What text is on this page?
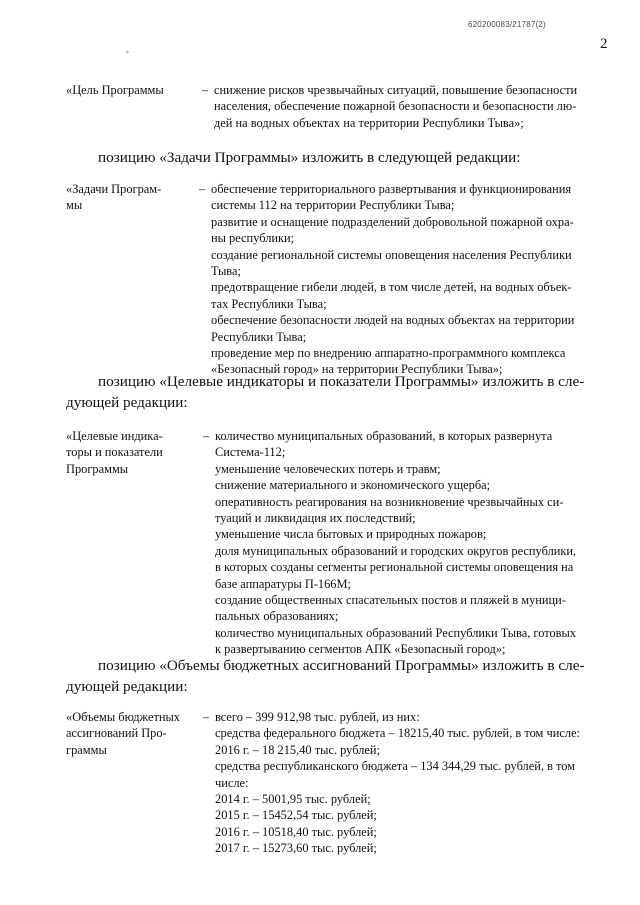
620200083/21787(2)
*
2
«Цель Программы	– снижение рисков чрезвычайных ситуаций, повышение безопасности
населения, обеспечение пожарной безопасности и безопасности лю-
дей на водных объектах на территории Республики Тыва»;
позицию «Задачи Программы» изложить в следующей редакции:
«Задачи Програм-
мы
– обеспечение территориального развертывания и функционирования
системы 112 на территории Республики Тыва;
развитие и оснащение подразделений добровольной пожарной охра-
ны республики;
создание региональной системы оповещения населения Республики
Тыва;
предотвращение гибели людей, в том числе детей, на водных объек-
тах Республики Тыва;
обеспечение безопасности людей на водных объектах на территории
Республики Тыва;
проведение мер по внедрению аппаратно-программного комплекса
«Безопасный город» на территории Республики Тыва»;
позицию «Целевые индикаторы и показатели Программы» изложить в сле-
дующей редакции:
«Целевые индика-
торы и показатели
Программы
– количество муниципальных образований, в которых развернута
Система-112;
уменьшение человеческих потерь и травм;
снижение материального и экономического ущерба;
оперативность реагирования на возникновение чрезвычайных си-
туаций и ликвидация их последствий;
уменьшение числа бытовых и природных пожаров;
доля муниципальных образований и городских округов республики,
в которых созданы сегменты региональной системы оповещения на
базе аппаратуры П-166М;
создание общественных спасательных постов и пляжей в муници-
пальных образованиях;
количество муниципальных образований Республики Тыва, готовых
к развертыванию сегментов АПК «Безопасный город»;
позицию «Объемы бюджетных ассигнований Программы» изложить в сле-
дующей редакции:
«Объемы бюджетных
ассигнований Про-
граммы
– всего – 399 912,98 тыс. рублей, из них:
средства федерального бюджета – 18215,40 тыс. рублей, в том числе:
2016 г. – 18 215,40 тыс. рублей;
средства республиканского бюджета – 134 344,29 тыс. рублей, в том
числе:
2014 г. – 5001,95 тыс. рублей;
2015 г. – 15452,54 тыс. рублей;
2016 г. – 10518,40 тыс. рублей;
2017 г. – 15273,60 тыс. рублей;
